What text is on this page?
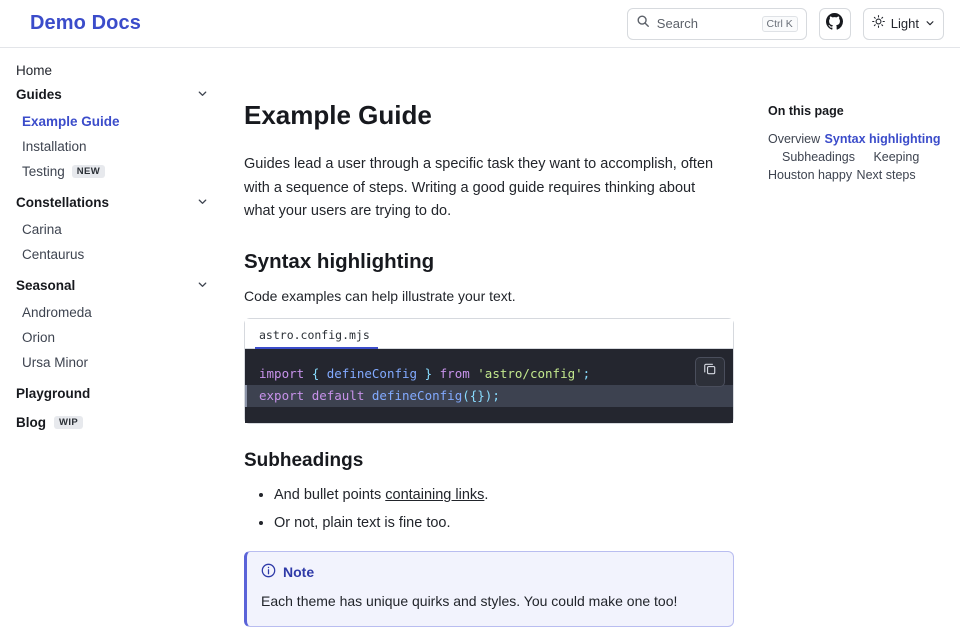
Demo Docs	Search	Ctrl K	Light
Home
Guides
Example Guide
Installation
Testing	NEW
Constellations
Carina
Centaurus
Seasonal
Andromeda
Orion
Ursa Minor
Playground
Blog	WIP
Example Guide

Guides lead a user through a specific task they want to accomplish, often with a sequence of steps. Writing a good guide requires thinking about what your users are trying to do.

Syntax highlighting

Code examples can help illustrate your text.

astro.config.mjs
import { defineConfig } from 'astro/config';
export default defineConfig({});
Subheadings
• And bullet points containing links.
• Or not, plain text is fine too.
Note
Each theme has unique quirks and styles. You could make one too!
On this page
Overview Syntax highlighting Subheadings Keeping Houston happy Next steps
